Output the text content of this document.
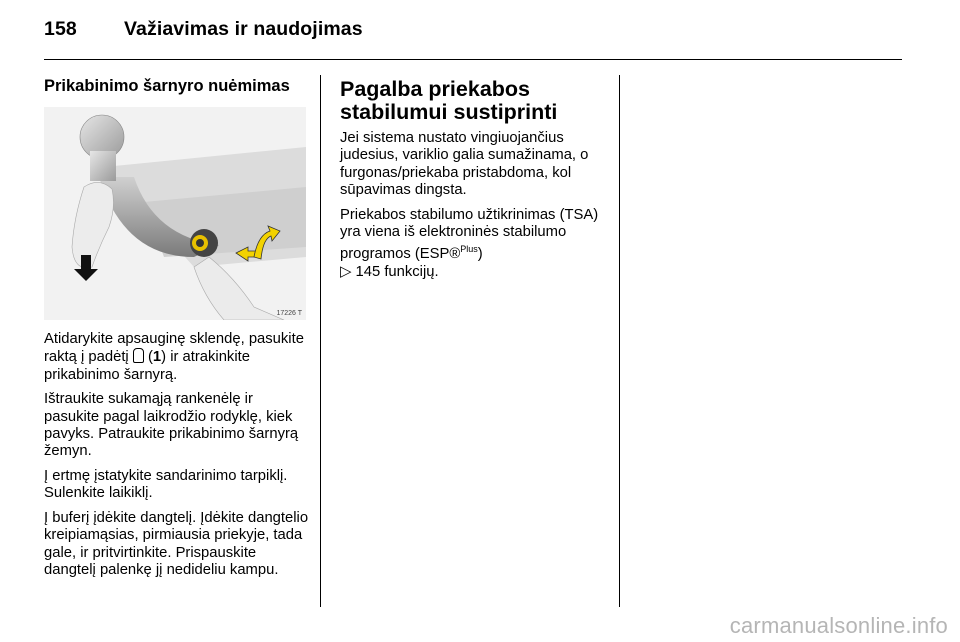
158 Važiavimas ir naudojimas
Prikabinimo šarnyro nuėmimas
17226 T

Atidarykite apsauginę sklendę, pasukite raktą į padėtį  (1) ir atrakinkite prikabinimo šarnyrą.

Ištraukite sukamąją rankenėlę ir pasukite pagal laikrodžio rodyklę, kiek pavyks. Patraukite prikabinimo šarnyrą žemyn.

Į ertmę įstatykite sandarinimo tarpiklį. Sulenkite laikiklį.

Į buferį įdėkite dangtelį. Įdėkite dangtelio kreipiamąsias, pirmiausia priekyje, tada gale, ir pritvirtinkite. Prispauskite dangtelį palenkę jį nedideliu kampu.

Pagalba priekabos stabilumui sustiprinti

Jei sistema nustato vingiuojančius judesius, variklio galia sumažinama, o furgonas/priekaba pristabdoma, kol sūpavimas dingsta.

Priekabos stabilumo užtikrinimas (TSA) yra viena iš elektroninės stabilumo programos (ESP®$^{Plus}$)
▷ 145 funkcijų.

carmanualsonline.info
